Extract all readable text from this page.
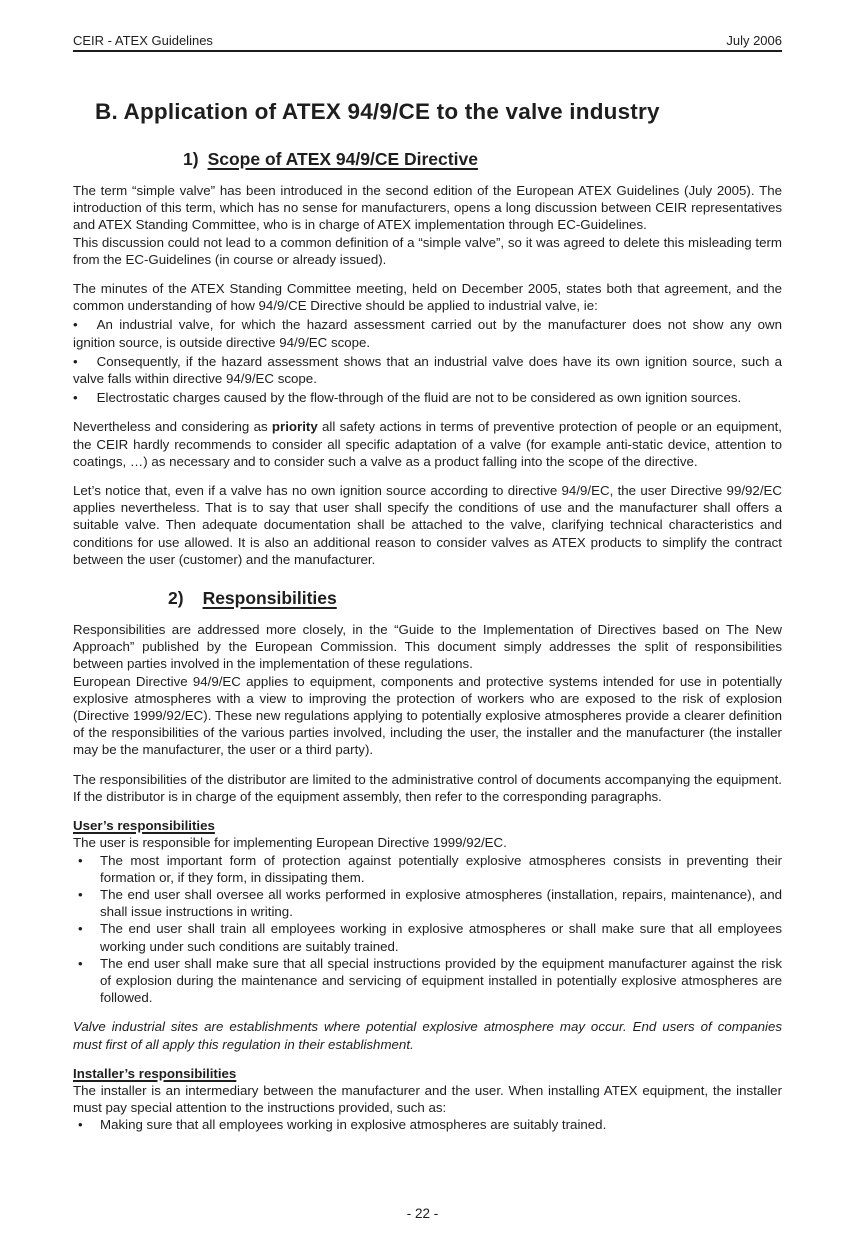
CEIR - ATEX Guidelines	July 2006
B. Application of ATEX 94/9/CE to the valve industry
1) Scope of ATEX 94/9/CE Directive

The term “simple valve” has been introduced in the second edition of the European ATEX Guidelines (July 2005). The introduction of this term, which has no sense for manufacturers, opens a long discussion between CEIR representatives and ATEX Standing Committee, who is in charge of ATEX implementation through EC-Guidelines.

This discussion could not lead to a common definition of a “simple valve”, so it was agreed to delete this misleading term from the EC-Guidelines (in course or already issued).

The minutes of the ATEX Standing Committee meeting, held on December 2005, states both that agreement, and the common understanding of how 94/9/CE Directive should be applied to industrial valve, ie:

• An industrial valve, for which the hazard assessment carried out by the manufacturer does not show any own ignition source, is outside directive 94/9/EC scope.

• Consequently, if the hazard assessment shows that an industrial valve does have its own ignition source, such a valve falls within directive 94/9/EC scope.

• Electrostatic charges caused by the flow-through of the fluid are not to be considered as own ignition sources.

Nevertheless and considering as priority all safety actions in terms of preventive protection of people or an equipment, the CEIR hardly recommends to consider all specific adaptation of a valve (for example anti-static device, attention to coatings, …) as necessary and to consider such a valve as a product falling into the scope of the directive.

Let’s notice that, even if a valve has no own ignition source according to directive 94/9/EC, the user Directive 99/92/EC applies nevertheless. That is to say that user shall specify the conditions of use and the manufacturer shall offers a suitable valve. Then adequate documentation shall be attached to the valve, clarifying technical characteristics and conditions for use allowed. It is also an additional reason to consider valves as ATEX products to simplify the contract between the user (customer) and the manufacturer.

2) Responsibilities

Responsibilities are addressed more closely, in the “Guide to the Implementation of Directives based on The New Approach” published by the European Commission. This document simply addresses the split of responsibilities between parties involved in the implementation of these regulations.

European Directive 94/9/EC applies to equipment, components and protective systems intended for use in potentially explosive atmospheres with a view to improving the protection of workers who are exposed to the risk of explosion (Directive 1999/92/EC). These new regulations applying to potentially explosive atmospheres provide a clearer definition of the responsibilities of the various parties involved, including the user, the installer and the manufacturer (the installer may be the manufacturer, the user or a third party).

The responsibilities of the distributor are limited to the administrative control of documents accompanying the equipment. If the distributor is in charge of the equipment assembly, then refer to the corresponding paragraphs.

User’s responsibilities

The user is responsible for implementing European Directive 1999/92/EC.

• The most important form of protection against potentially explosive atmospheres consists in preventing their formation or, if they form, in dissipating them.
• The end user shall oversee all works performed in explosive atmospheres (installation, repairs, maintenance), and shall issue instructions in writing.
• The end user shall train all employees working in explosive atmospheres or shall make sure that all employees working under such conditions are suitably trained.
• The end user shall make sure that all special instructions provided by the equipment manufacturer against the risk of explosion during the maintenance and servicing of equipment installed in potentially explosive atmospheres are followed.

Valve industrial sites are establishments where potential explosive atmosphere may occur. End users of companies must first of all apply this regulation in their establishment.

Installer’s responsibilities

The installer is an intermediary between the manufacturer and the user. When installing ATEX equipment, the installer must pay special attention to the instructions provided, such as:

• Making sure that all employees working in explosive atmospheres are suitably trained.
- 22 -
